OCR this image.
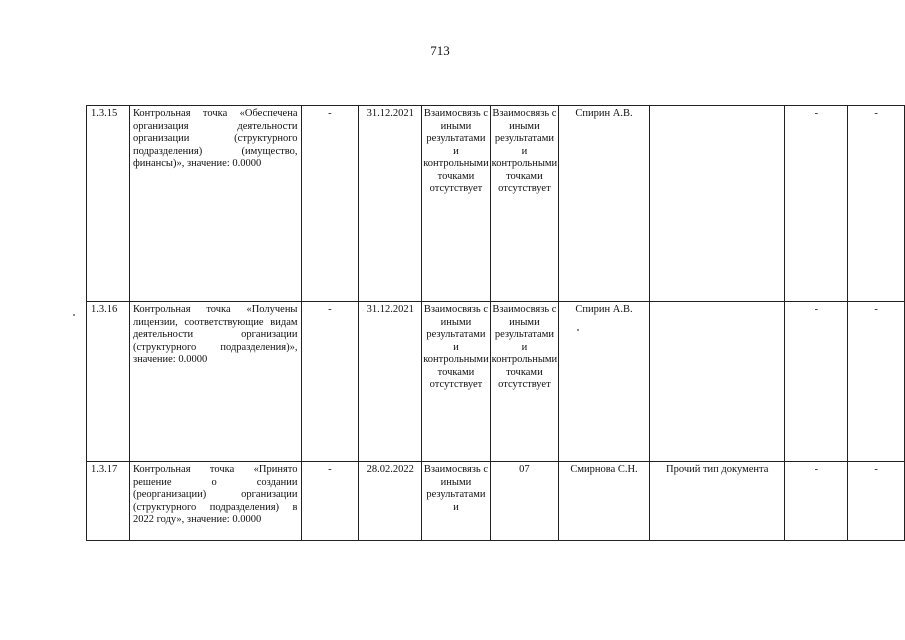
713
1.3.15	Контрольная точка «Обеспечена организация деятельности организации (структурного подразделения) (имущество, финансы)», значение: 0.0000	-	31.12.2021	Взаимосвязь с иными результатами и контрольными точками отсутствует	Взаимосвязь с иными результатами и контрольными точками отсутствует	Спирин А.В.		-	-
1.3.16	Контрольная точка «Получены лицензии, соответствующие видам деятельности организации (структурного подразделения)», значение: 0.0000	-	31.12.2021	Взаимосвязь с иными результатами и контрольными точками отсутствует	Взаимосвязь с иными результатами и контрольными точками отсутствует	Спирин А.В.		-	-
1.3.17	Контрольная точка «Принято решение о создании (реорганизации) организации (структурного подразделения) в 2022 году», значение: 0.0000	-	28.02.2022	Взаимосвязь с иными результатами и	07	Смирнова С.Н.	Прочий тип документа	-	-
